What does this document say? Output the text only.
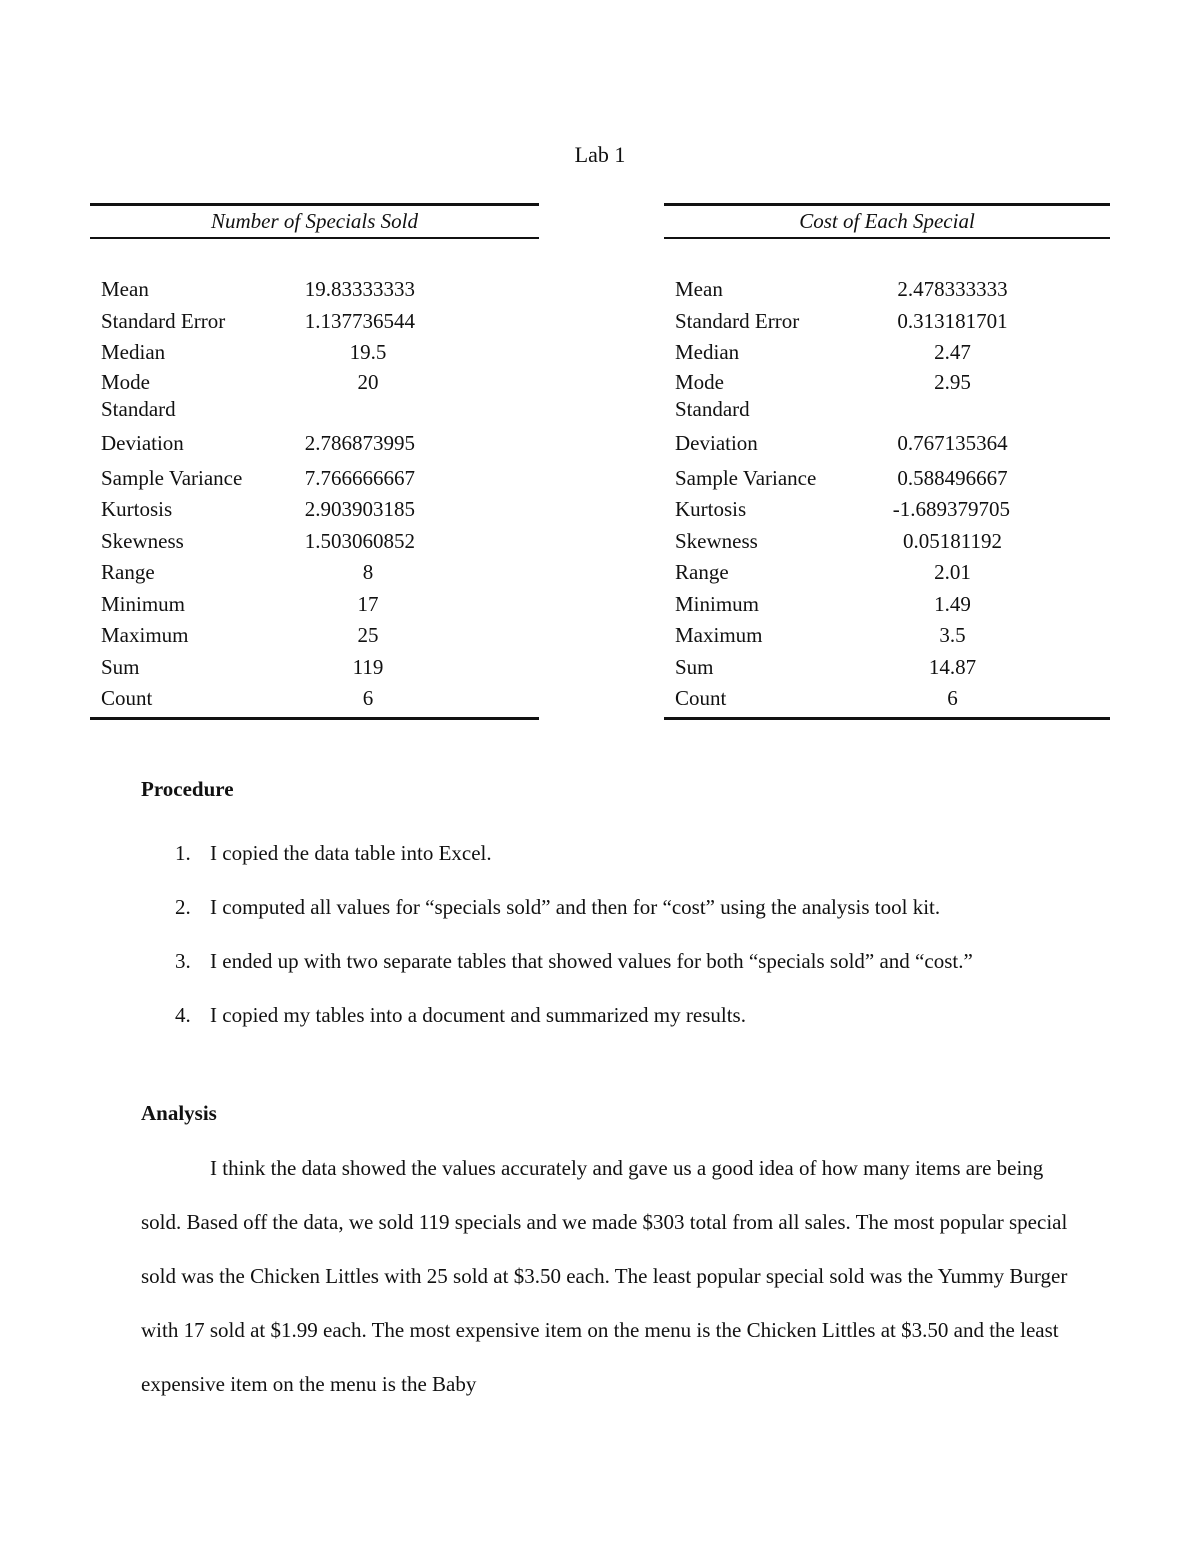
Lab 1
Number of Specials Sold
Mean	19.83333333
Standard Error	1.137736544
Median	19.5
Mode	20
Standard
Deviation	2.786873995
Sample Variance	7.766666667
Kurtosis	2.903903185
Skewness	1.503060852
Range	8
Minimum	17
Maximum	25
Sum	119
Count	6
Cost of Each Special
Mean	2.478333333
Standard Error	0.313181701
Median	2.47
Mode	2.95
Standard
Deviation	0.767135364
Sample Variance	0.588496667
Kurtosis	-1.689379705
Skewness	0.05181192
Range	2.01
Minimum	1.49
Maximum	3.5
Sum	14.87
Count	6
Procedure
1. I copied the data table into Excel.
2. I computed all values for “specials sold” and then for “cost” using the analysis tool kit.
3. I ended up with two separate tables that showed values for both “specials sold” and “cost.”
4. I copied my tables into a document and summarized my results.
Analysis

I think the data showed the values accurately and gave us a good idea of how many items are being sold. Based off the data, we sold 119 specials and we made $303 total from all sales. The most popular special sold was the Chicken Littles with 25 sold at $3.50 each. The least popular special sold was the Yummy Burger with 17 sold at $1.99 each. The most expensive item on the menu is the Chicken Littles at $3.50 and the least expensive item on the menu is the Baby
